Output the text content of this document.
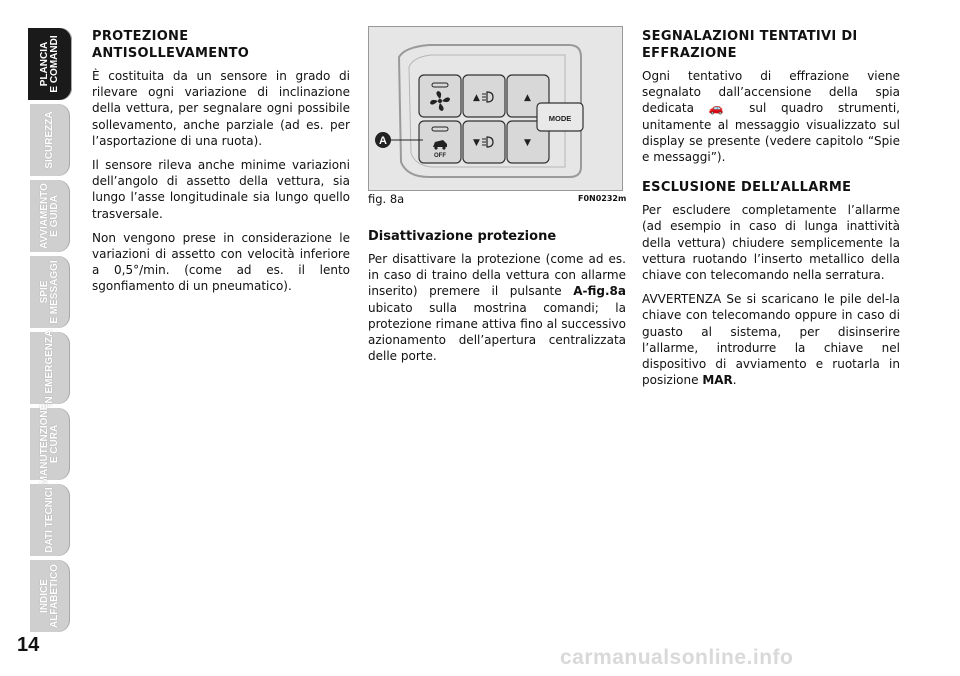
PLANCIA
E COMANDI
SICUREZZA
AVVIAMENTO
E GUIDA
SPIE
E MESSAGGI
IN EMERGENZA
MANUTENZIONE
E CURA
DATI TECNICI
INDICE
ALFABETICO
14
PROTEZIONE ANTISOLLEVAMENTO

È costituita da un sensore in grado di rilevare ogni variazione di inclinazione della vettura, per segnalare ogni possibile sollevamento, anche parziale (ad es. per l’asportazione di una ruota).

Il sensore rileva anche minime variazioni dell’angolo di assetto della vettura, sia lungo l’asse longitudinale sia lungo quello trasversale.

Non vengono prese in considerazione le variazioni di assetto con velocità inferiore a 0,5°/min. (come ad es. il lento sgonfiamento di un pneumatico).

MODE
▲	▲
OFF
▼	▼
A
fig. 8a	F0N0232m
Disattivazione protezione

Per disattivare la protezione (come ad es. in caso di traino della vettura con allarme inserito) premere il pulsante A-fig.8a ubicato sulla mostrina comandi; la protezione rimane attiva fino al successivo azionamento dell’apertura centralizzata delle porte.

SEGNALAZIONI TENTATIVI DI EFFRAZIONE

Ogni tentativo di effrazione viene segnalato dall’accensione della spia dedicata 🚗 sul quadro strumenti, unitamente al messaggio visualizzato sul display se presente (vedere capitolo “Spie e messaggi”).

ESCLUSIONE DELL’ALLARME

Per escludere completamente l’allarme (ad esempio in caso di lunga inattività della vettura) chiudere semplicemente la vettura ruotando l’inserto metallico della chiave con telecomando nella serratura.

AVVERTENZA Se si scaricano le pile del-la chiave con telecomando oppure in caso di guasto al sistema, per disinserire l’allarme, introdurre la chiave nel dispositivo di avviamento e ruotarla in posizione MAR.

carmanualsonline.info
